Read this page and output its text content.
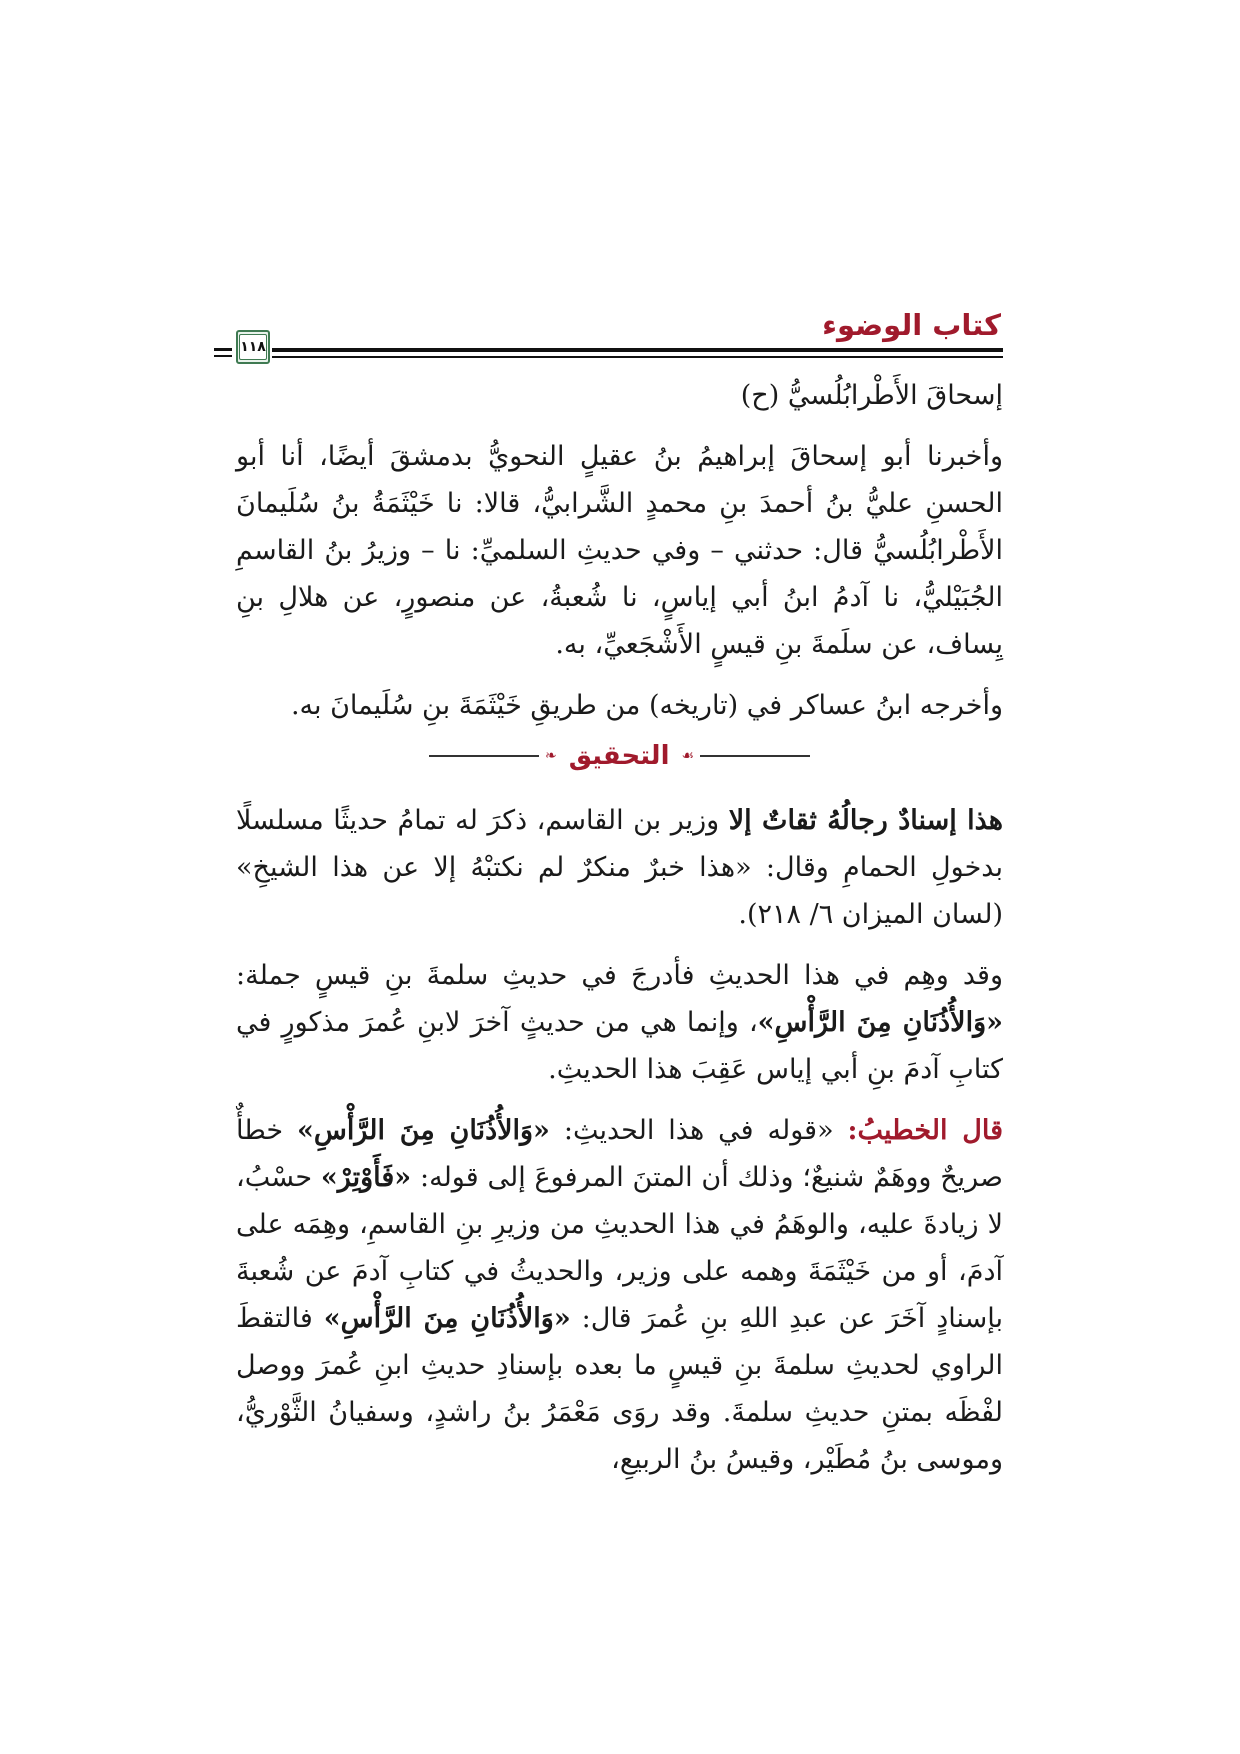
كتاب الوضوء
١١٨

إسحاقَ الأَطْرابُلُسيُّ (ح)

وأخبرنا أبو إسحاقَ إبراهيمُ بنُ عقيلٍ النحويُّ بدمشقَ أيضًا، أنا أبو الحسنِ عليُّ بنُ أحمدَ بنِ محمدٍ الشَّرابيُّ، قالا: نا خَيْثَمَةُ بنُ سُلَيمانَ الأَطْرابُلُسيُّ قال: حدثني – وفي حديثِ السلميِّ: نا – وزيرُ بنُ القاسمِ الجُبَيْليُّ، نا آدمُ ابنُ أبي إياسٍ، نا شُعبةُ، عن منصورٍ، عن هلالِ بنِ يِساف، عن سلَمةَ بنِ قيسٍ الأَشْجَعيِّ، به.

وأخرجه ابنُ عساكر في (تاريخه) من طريقِ خَيْثَمَةَ بنِ سُلَيمانَ به.

☙
التحقيق
❧

هذا إسنادٌ رجالُهُ ثقاتٌ إلا وزير بن القاسم، ذكرَ له تمامُ حديثًا مسلسلًا بدخولِ الحمامِ وقال: «هذا خبرٌ منكرٌ لم نكتبْهُ إلا عن هذا الشيخِ» (لسان الميزان ٦/ ٢١٨).

وقد وهِم في هذا الحديثِ فأدرجَ في حديثِ سلمةَ بنِ قيسٍ جملة: «وَالأُذُنَانِ مِنَ الرَّأْسِ»، وإنما هي من حديثٍ آخرَ لابنِ عُمرَ مذكورٍ في كتابِ آدمَ بنِ أبي إياس عَقِبَ هذا الحديثِ.

قال الخطيبُ: «قوله في هذا الحديثِ: «وَالأُذُنَانِ مِنَ الرَّأْسِ» خطأٌ صريحٌ ووهَمٌ شنيعٌ؛ وذلك أن المتنَ المرفوعَ إلى قوله: «فَأَوْتِرْ» حسْبُ، لا زيادةَ عليه، والوهَمُ في هذا الحديثِ من وزيرِ بنِ القاسمِ، وهِمَه على آدمَ، أو من خَيْثَمَةَ وهمه على وزير، والحديثُ في كتابِ آدمَ عن شُعبةَ بإسنادٍ آخَرَ عن عبدِ اللهِ بنِ عُمرَ قال: «وَالأُذُنَانِ مِنَ الرَّأْسِ» فالتقطَ الراوي لحديثِ سلمةَ بنِ قيسٍ ما بعده بإسنادِ حديثِ ابنِ عُمرَ ووصل لفْظَه بمتنِ حديثِ سلمةَ. وقد روَى مَعْمَرُ بنُ راشدٍ، وسفيانُ الثَّوْريُّ، وموسى بنُ مُطَيْر، وقيسُ بنُ الربيعِ،
